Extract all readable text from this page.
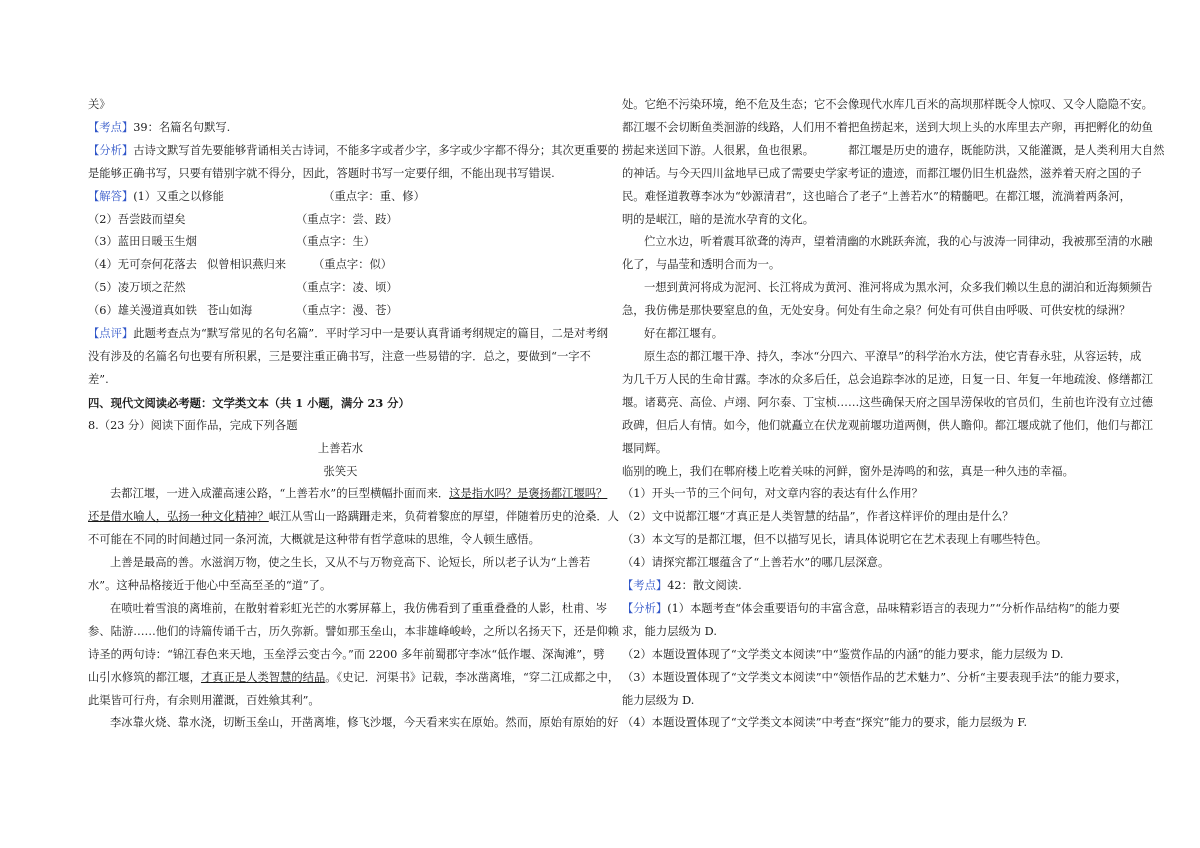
关》

【考点】39：名篇名句默写.

【分析】古诗文默写首先要能够背诵相关古诗词，不能多字或者少字，多字或少字都不得分；其次更重要的

是能够正确书写，只要有错别字就不得分，因此，答题时书写一定要仔细，不能出现书写错误.

【解答】(1）又重之以修能	（重点字：重、修）

（2）吾尝跂而望矣	（重点字：尝、跂）

（3）蓝田日暖玉生烟	（重点字：生）

（4）无可奈何花落去 似曾相识燕归来 （重点字：似）

（5）凌万顷之茫然	（重点字：凌、顷）

（6）雄关漫道真如铁 苍山如海	（重点字：漫、苍）

【点评】此题考查点为“默写常见的名句名篇”．平时学习中一是要认真背诵考纲规定的篇目，二是对考纲

没有涉及的名篇名句也要有所积累，三是要注重正确书写，注意一些易错的字．总之，要做到“一字不

差”.

四、现代文阅读必考题：文学类文本（共 1 小题，满分 23 分）

8.（23 分）阅读下面作品，完成下列各题

上善若水

张笑天

去都江堰，一进入成灌高速公路，“上善若水”的巨型横幅扑面而来．这是指水吗？是褒扬都江堰吗？

还是借水喻人，弘扬一种文化精神？岷江从雪山一路蹒跚走来，负荷着黎庶的厚望，伴随着历史的沧桑．人

不可能在不同的时间趟过同一条河流，大概就是这种带有哲学意味的思维，令人顿生感悟。

上善是最高的善。水滋润万物，使之生长，又从不与万物竞高下、论短长，所以老子认为“上善若

水”。这种品格接近于他心中至高至圣的“道”了。

在喷吐着雪浪的离堆前，在散射着彩虹光芒的水雾屏幕上，我仿佛看到了重重叠叠的人影，杜甫、岑

参、陆游……他们的诗篇传诵千古，历久弥新。譬如那玉垒山，本非雄峰峻岭，之所以名扬天下，还是仰赖

诗圣的两句诗：“锦江春色来天地，玉垒浮云变古今。”而 2200 多年前蜀郡守李冰“低作堰、深淘滩”，劈

山引水修筑的都江堰，才真正是人类智慧的结晶。《史记．河渠书》记载，李冰凿离堆，“穿二江成都之中，

此渠皆可行舟，有余则用灌溉，百姓飨其利”。

李冰靠火烧、靠水浇，切断玉垒山，开凿离堆，修飞沙堰，今天看来实在原始。然而，原始有原始的好

处。它绝不污染环境，绝不危及生态；它不会像现代水库几百米的高坝那样既令人惊叹、又令人隐隐不安。

都江堰不会切断鱼类洄游的线路，人们用不着把鱼捞起来，送到大坝上头的水库里去产卵，再把孵化的幼鱼

捞起来送回下游。人很累，鱼也很累。	都江堰是历史的遗存，既能防洪，又能灌溉，是人类利用大自然

的神话。与今天四川盆地早已成了需要史学家考证的遗迹，而都江堰仍旧生机盎然，滋养着天府之国的子

民。难怪道教尊李冰为“妙源清君”，这也暗合了老子“上善若水”的精髓吧。在都江堰，流淌着两条河，

明的是岷江，暗的是流水孕育的文化。

伫立水边，听着震耳欲聋的涛声，望着清幽的水跳跃奔流，我的心与波涛一同律动，我被那至清的水融

化了，与晶莹和透明合而为一。

一想到黄河将成为泥河、长江将成为黄河、淮河将成为黑水河，众多我们赖以生息的湖泊和近海频频告

急，我仿佛是那快要窒息的鱼，无处安身。何处有生命之泉？何处有可供自由呼吸、可供安枕的绿洲？

好在都江堰有。

原生态的都江堰干净、持久，李冰“分四六、平潦旱”的科学治水方法，使它青春永驻，从容运转，成

为几千万人民的生命甘露。李冰的众多后任，总会追踪李冰的足迹，日复一日、年复一年地疏浚、修缮都江

堰。诸葛亮、高俭、卢翊、阿尔泰、丁宝桢……这些确保天府之国旱涝保收的官员们，生前也许没有立过德

政碑，但后人有情。如今，他们就矗立在伏龙观前堰功道两侧，供人瞻仰。都江堰成就了他们，他们与都江

堰同辉。

临别的晚上，我们在郫府楼上吃着关味的河鲜，窗外是涛鸣的和弦，真是一种久违的幸福。

（1）开头一节的三个问句，对文章内容的表达有什么作用？

（2）文中说都江堰“才真正是人类智慧的结晶”，作者这样评价的理由是什么？

（3）本文写的是都江堰，但不以描写见长，请具体说明它在艺术表现上有哪些特色。

（4）请探究都江堰蕴含了“上善若水”的哪几层深意。

【考点】42：散文阅读.

【分析】(1）本题考查“体会重要语句的丰富含意，品味精彩语言的表现力”“分析作品结构”的能力要

求，能力层级为 D.

（2）本题设置体现了“文学类文本阅读”中“鉴赏作品的内涵”的能力要求，能力层级为 D.

（3）本题设置体现了“文学类文本阅读”中“领悟作品的艺术魅力”、分析“主要表现手法”的能力要求，

能力层级为 D.

（4）本题设置体现了“文学类文本阅读”中考查“探究”能力的要求，能力层级为 F.
